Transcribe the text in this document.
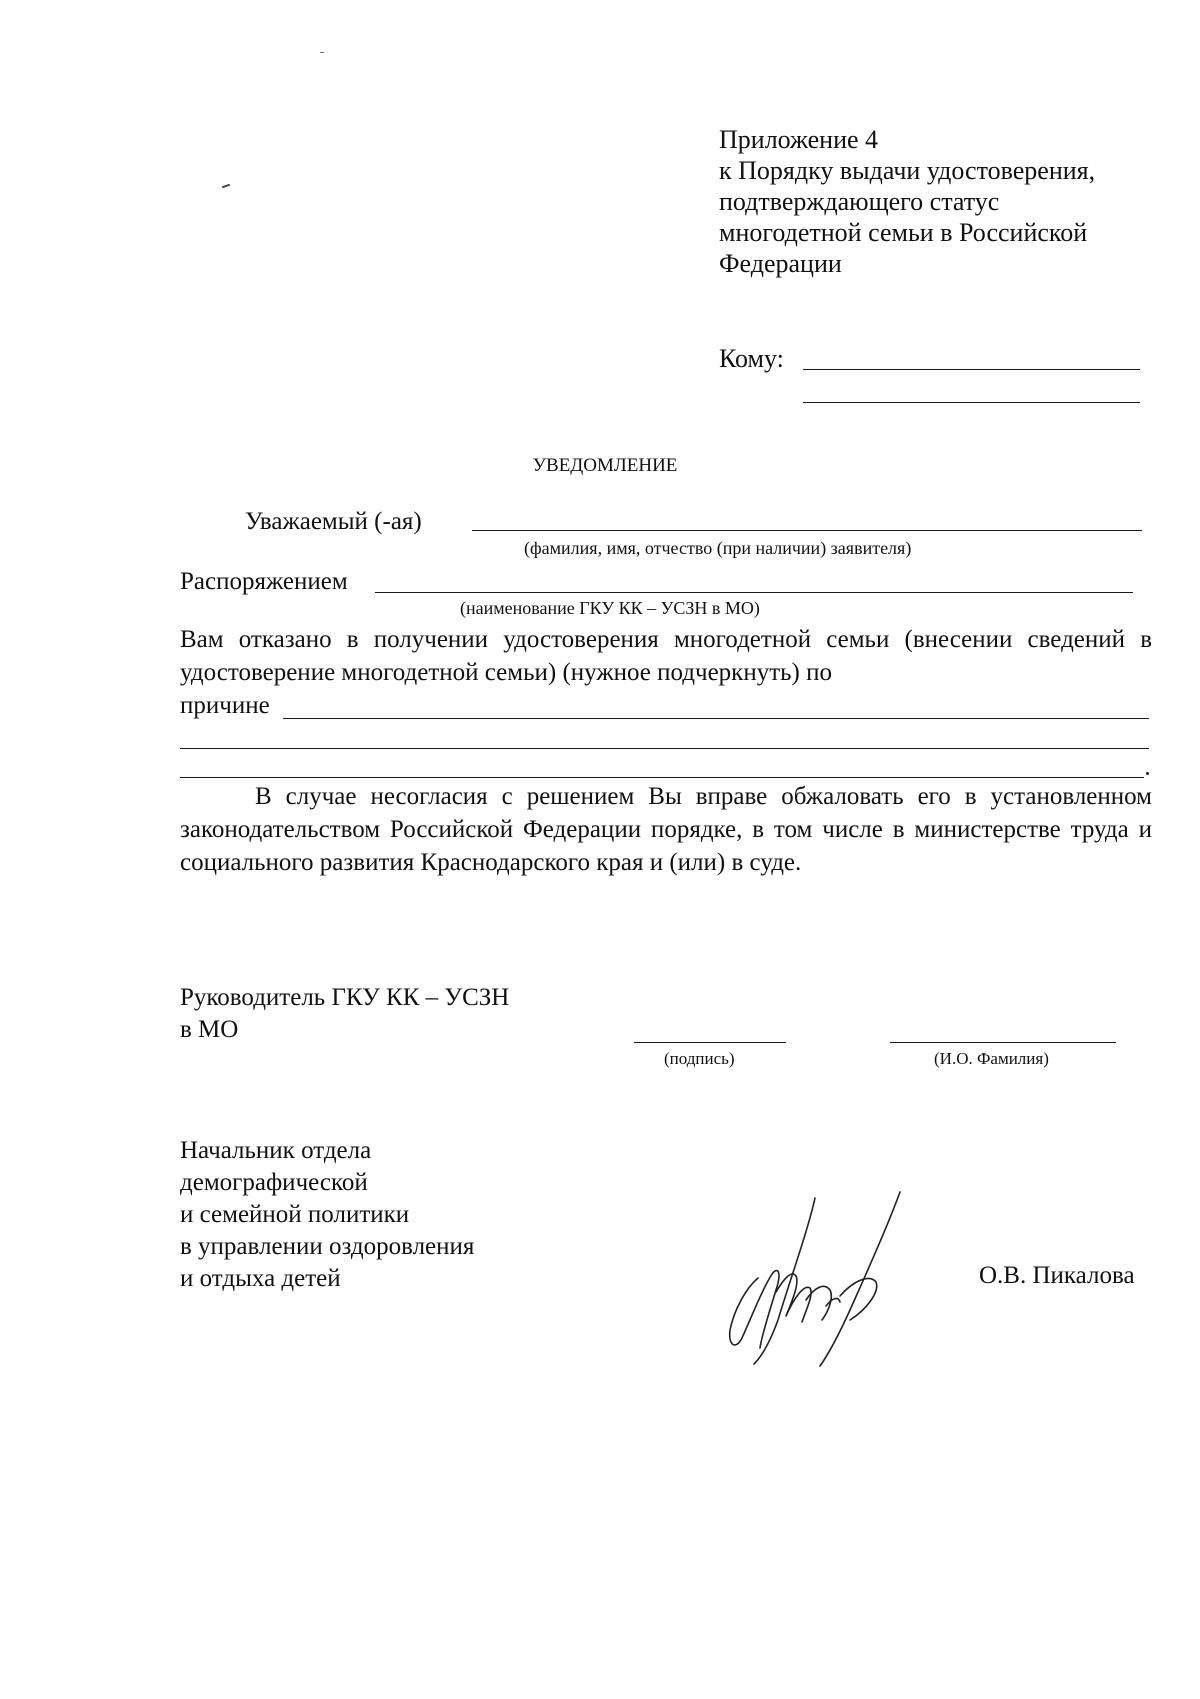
Приложение 4
к Порядку выдачи удостоверения,
подтверждающего статус
многодетной семьи в Российской
Федерации
Кому:
УВЕДОМЛЕНИЕ
Уважаемый (-ая)
(фамилия, имя, отчество (при наличии) заявителя)
Распоряжением
(наименование ГКУ КК – УСЗН в МО)
Вам отказано в получении удостоверения многодетной семьи (внесении сведений в удостоверение многодетной семьи) (нужное подчеркнуть) по
причине
В случае несогласия с решением Вы вправе обжаловать его в установленном законодательством Российской Федерации порядке, в том числе в министерстве труда и социального развития Краснодарского края и (или) в суде.
Руководитель ГКУ КК – УСЗН
в МО
(подпись)	(И.О. Фамилия)
Начальник отдела
демографической
и семейной политики
в управлении оздоровления
и отдыха детей	О.В. Пикалова
